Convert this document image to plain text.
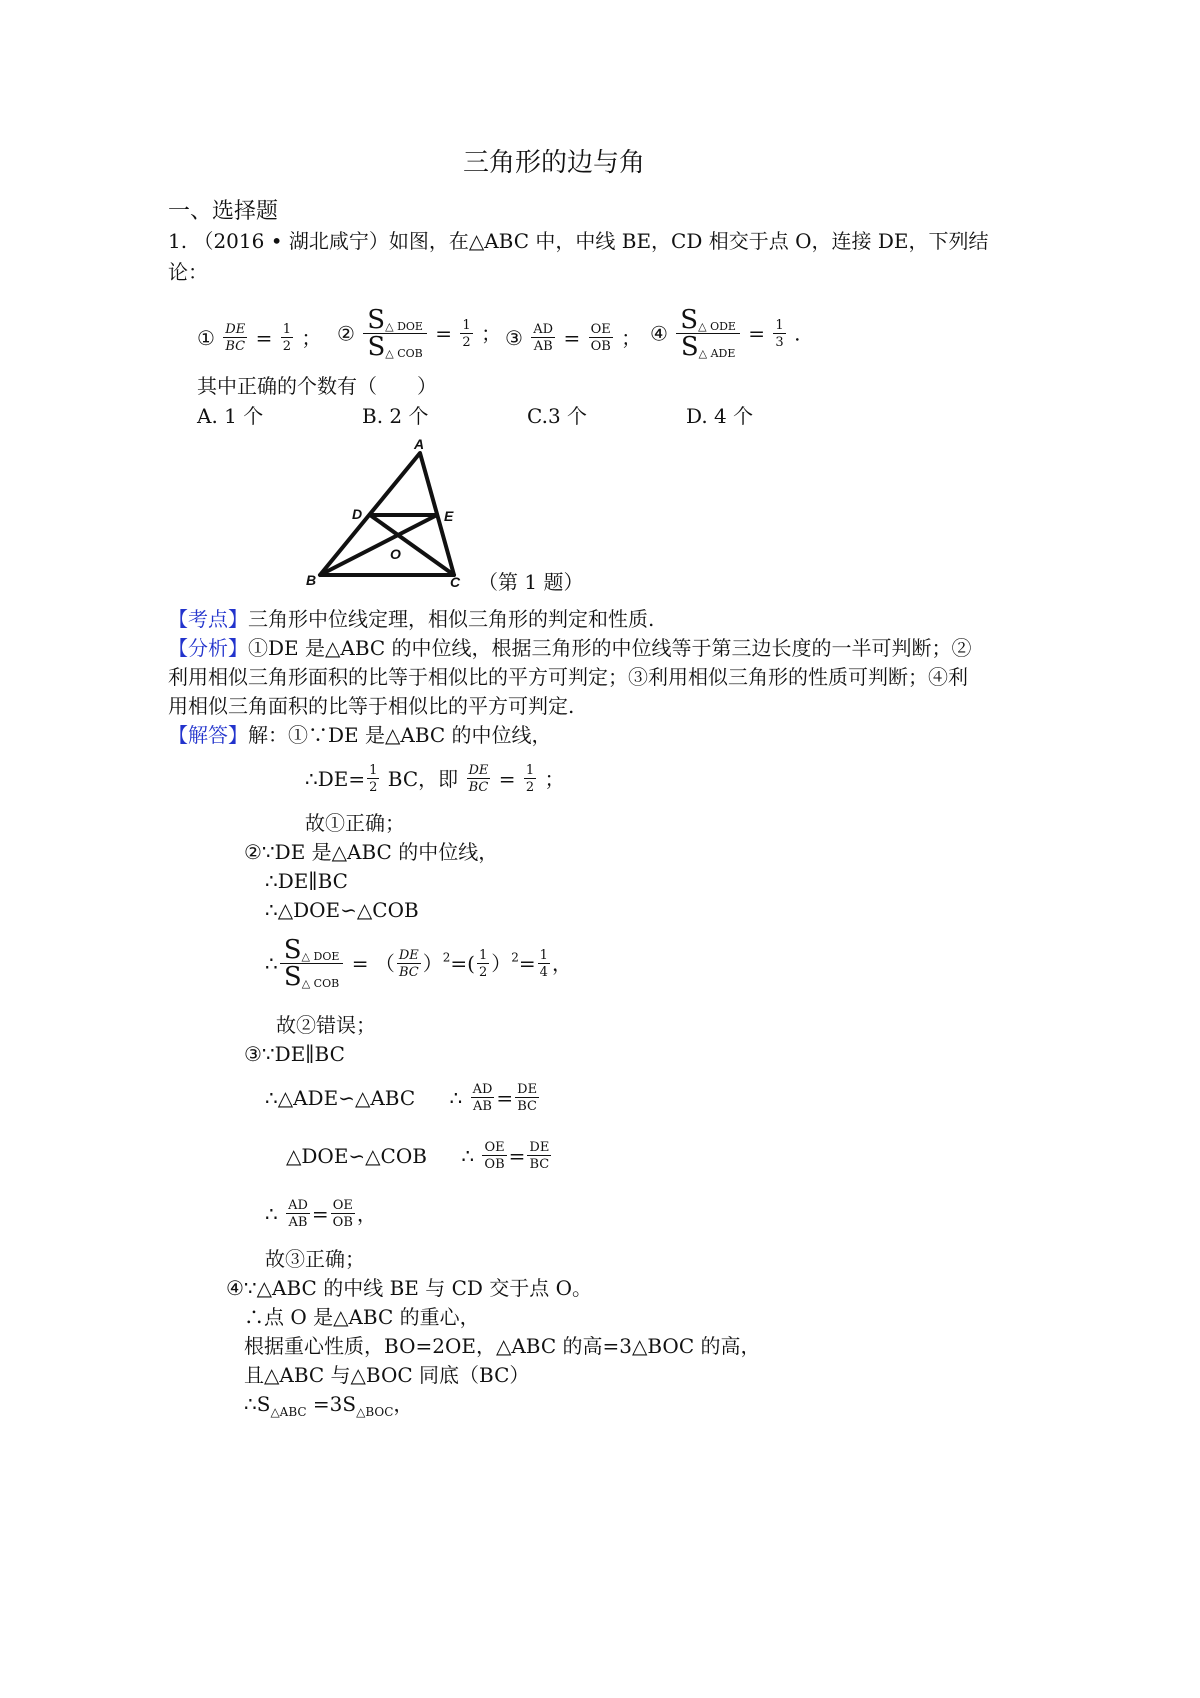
三角形的边与角
一、选择题
1. （2016 • 湖北咸宁）如图，在△ABC 中，中线 BE，CD 相交于点 O，连接 DE，下列结
论：
① $\frac{DE}{BC} = \frac{1}{2}$ ； ② $\frac{S_{\triangle DOE}}{S_{\triangle COB}} = \frac{1}{2}$ ； ③ $\frac{AD}{AB} = \frac{OE}{OB}$ ； ④ $\frac{S_{\triangle ODE}}{S_{\triangle ADE}} = \frac{1}{3}$ .
其中正确的个数有（　　）
A. 1 个	B. 2 个	C.3 个	D. 4 个
A
D	E
O
B	C （第 1 题）
【考点】三角形中位线定理，相似三角形的判定和性质.
【分析】①DE 是△ABC 的中位线，根据三角形的中位线等于第三边长度的一半可判断；②
利用相似三角形面积的比等于相似比的平方可判定；③利用相似三角形的性质可判断；④利
用相似三角面积的比等于相似比的平方可判定.
【解答】解：①∵DE 是△ABC 的中位线，
∴DE= $\frac{1}{2}$ BC，即 $\frac{DE}{BC} = \frac{1}{2}$ ；
故①正确；
②∵DE 是△ABC 的中位线，
∴DE∥BC
∴△DOE∽△COB
∴ $\frac{S_{\triangle DOE}}{S_{\triangle COB}}$ = （ $\frac{DE}{BC} )^2=( \frac{1}{2} )^2= \frac{1}{4}$ ，
故②错误；
③∵DE∥BC
∴△ADE∽△ABC ∴ $\frac{AD}{AB} = \frac{DE}{BC}$
△DOE∽△COB ∴ $\frac{OE}{OB} = \frac{DE}{BC}$
∴ $\frac{AD}{AB} = \frac{OE}{OB}$ ，
故③正确；
④∵△ABC 的中线 BE 与 CD 交于点 O。
∴点 O 是△ABC 的重心，
根据重心性质，BO=2OE，△ABC 的高=3△BOC 的高，
且△ABC 与△BOC 同底（BC）
$\therefore S_{\triangle ABC} =3S_{\triangle BOC}$，
